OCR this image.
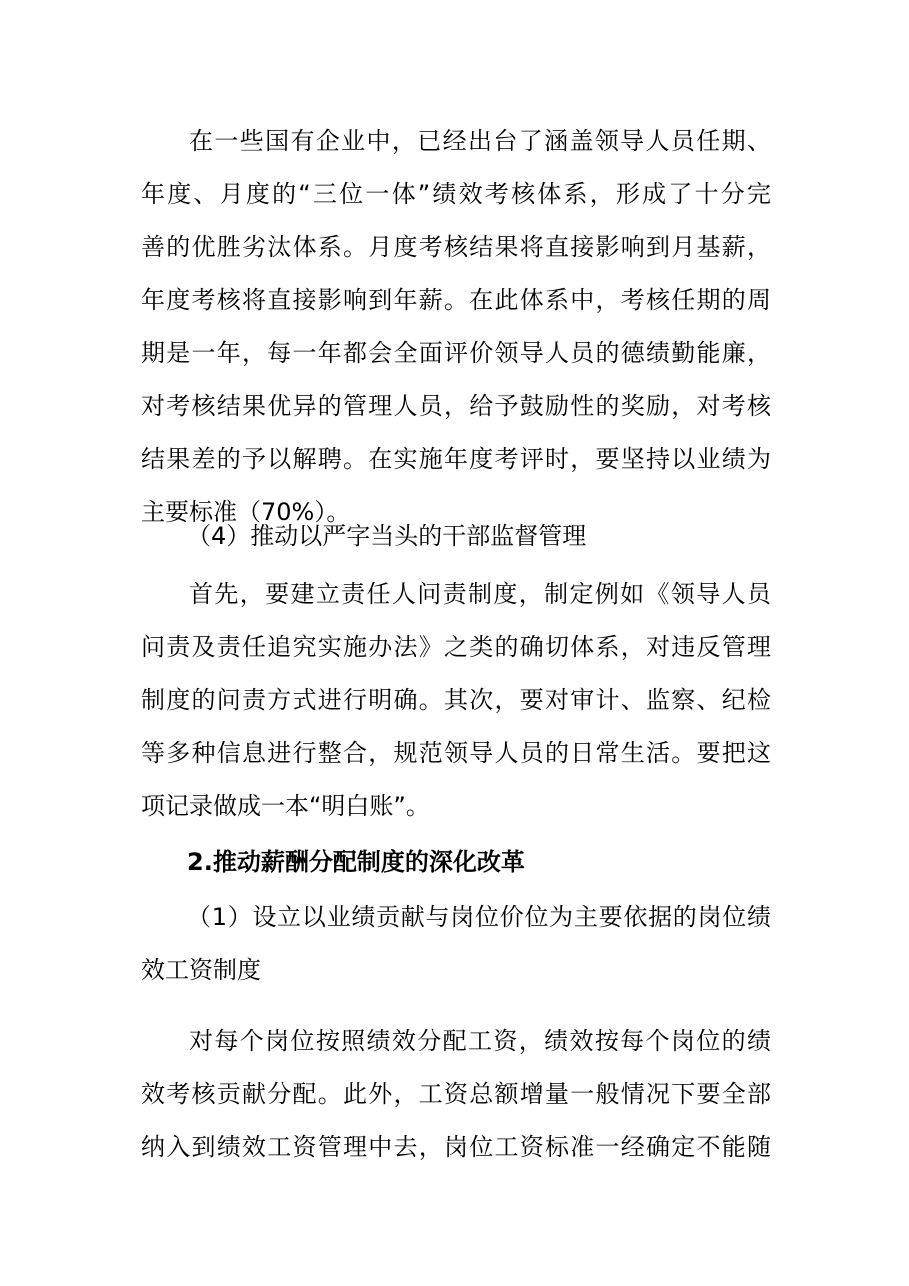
在一些国有企业中，已经出台了涵盖领导人员任期、
年度、月度的“三位一体”绩效考核体系，形成了十分完
善的优胜劣汰体系。月度考核结果将直接影响到月基薪，
年度考核将直接影响到年薪。在此体系中，考核任期的周
期是一年，每一年都会全面评价领导人员的德绩勤能廉，
对考核结果优异的管理人员，给予鼓励性的奖励，对考核
结果差的予以解聘。在实施年度考评时，要坚持以业绩为
主要标准（70%）。
（4）推动以严字当头的干部监督管理
首先，要建立责任人问责制度，制定例如《领导人员
问责及责任追究实施办法》之类的确切体系，对违反管理
制度的问责方式进行明确。其次，要对审计、监察、纪检
等多种信息进行整合，规范领导人员的日常生活。要把这
项记录做成一本“明白账”。
2.推动薪酬分配制度的深化改革
（1）设立以业绩贡献与岗位价位为主要依据的岗位绩
效工资制度
对每个岗位按照绩效分配工资，绩效按每个岗位的绩
效考核贡献分配。此外，工资总额增量一般情况下要全部
纳入到绩效工资管理中去，岗位工资标准一经确定不能随
